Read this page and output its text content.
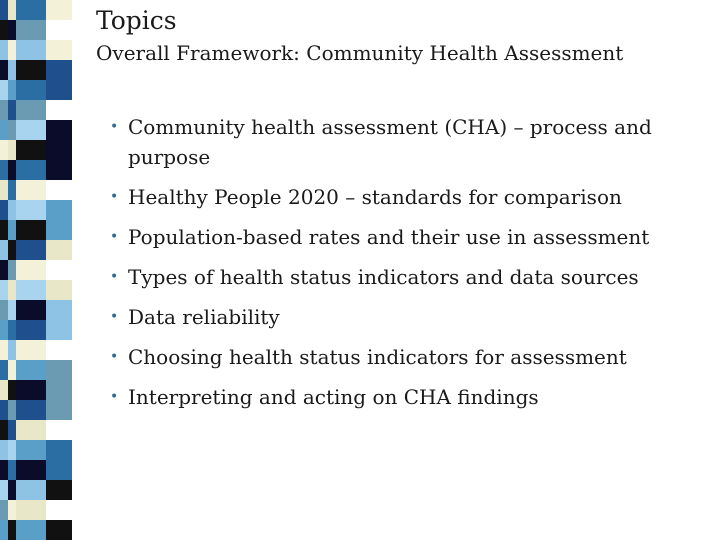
Topics
Overall Framework: Community Health Assessment
• Community health assessment (CHA) – process and purpose
• Healthy People 2020 – standards for comparison
• Population-based rates and their use in assessment
• Types of health status indicators and data sources
• Data reliability
• Choosing health status indicators for assessment
• Interpreting and acting on CHA findings
